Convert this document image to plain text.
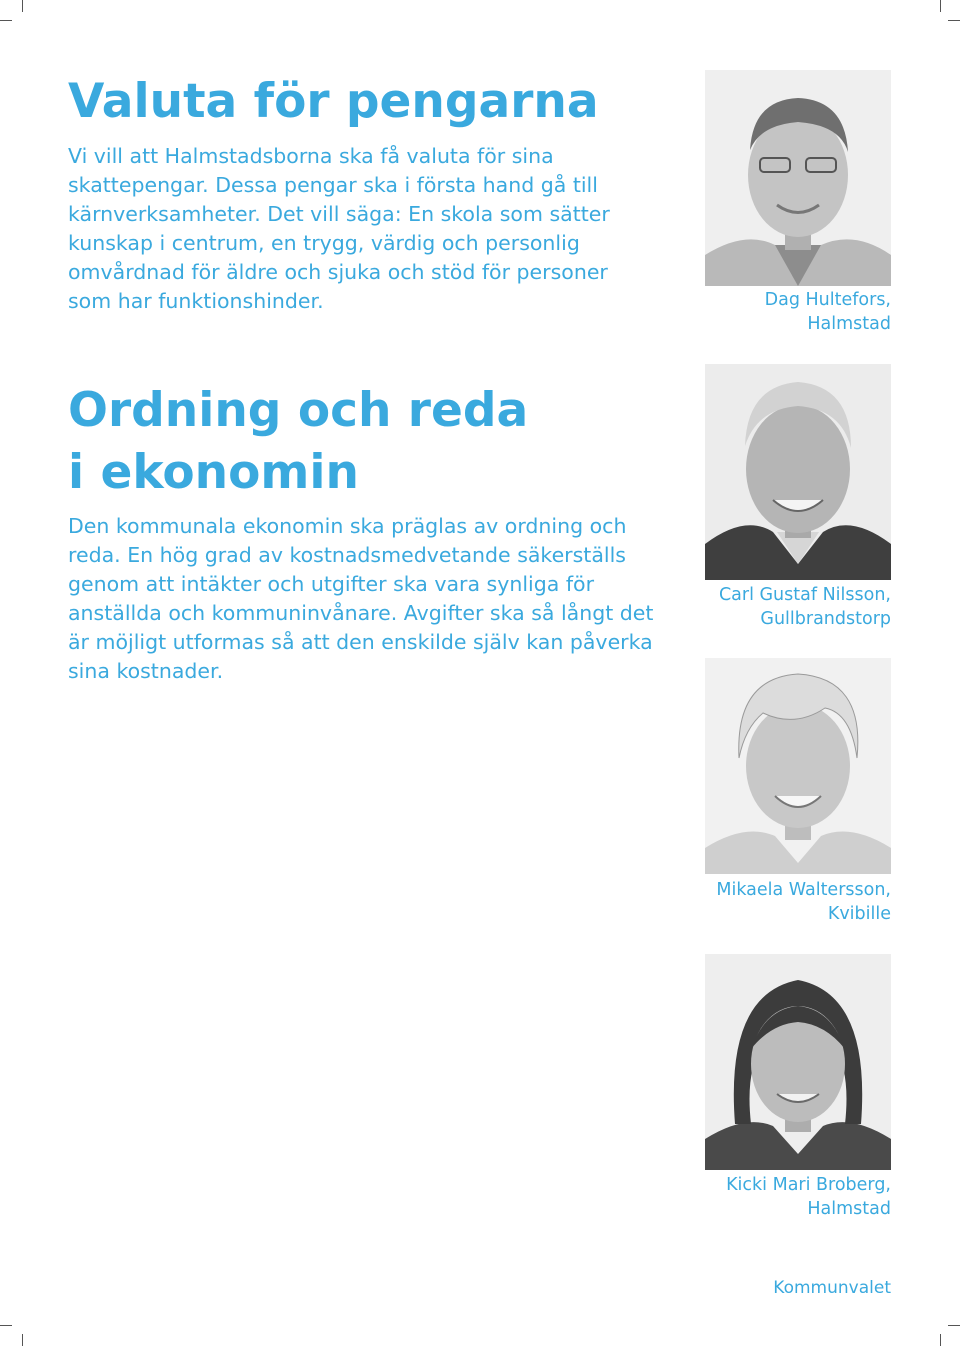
Valuta för pengarna

Vi vill att Halmstadsborna ska få valuta för sina skattepengar. Dessa pengar ska i första hand gå till kärnverksamheter. Det vill säga: En skola som sätter kunskap i centrum, en trygg, värdig och personlig omvårdnad för äldre och sjuka och stöd för personer som har funktionshinder.

Ordning och reda
i ekonomin

Den kommunala ekonomin ska präglas av ordning och reda. En hög grad av kostnadsmedvetande säkerställs genom att intäkter och utgifter ska vara synliga för anställda och kommuninvånare. Avgifter ska så långt det är möjligt utformas så att den enskilde själv kan påverka sina kostnader.

Dag Hultefors,
Halmstad
Carl Gustaf Nilsson,
Gullbrandstorp
Mikaela Waltersson,
Kvibille
Kicki Mari Broberg,
Halmstad
Kommunvalet
